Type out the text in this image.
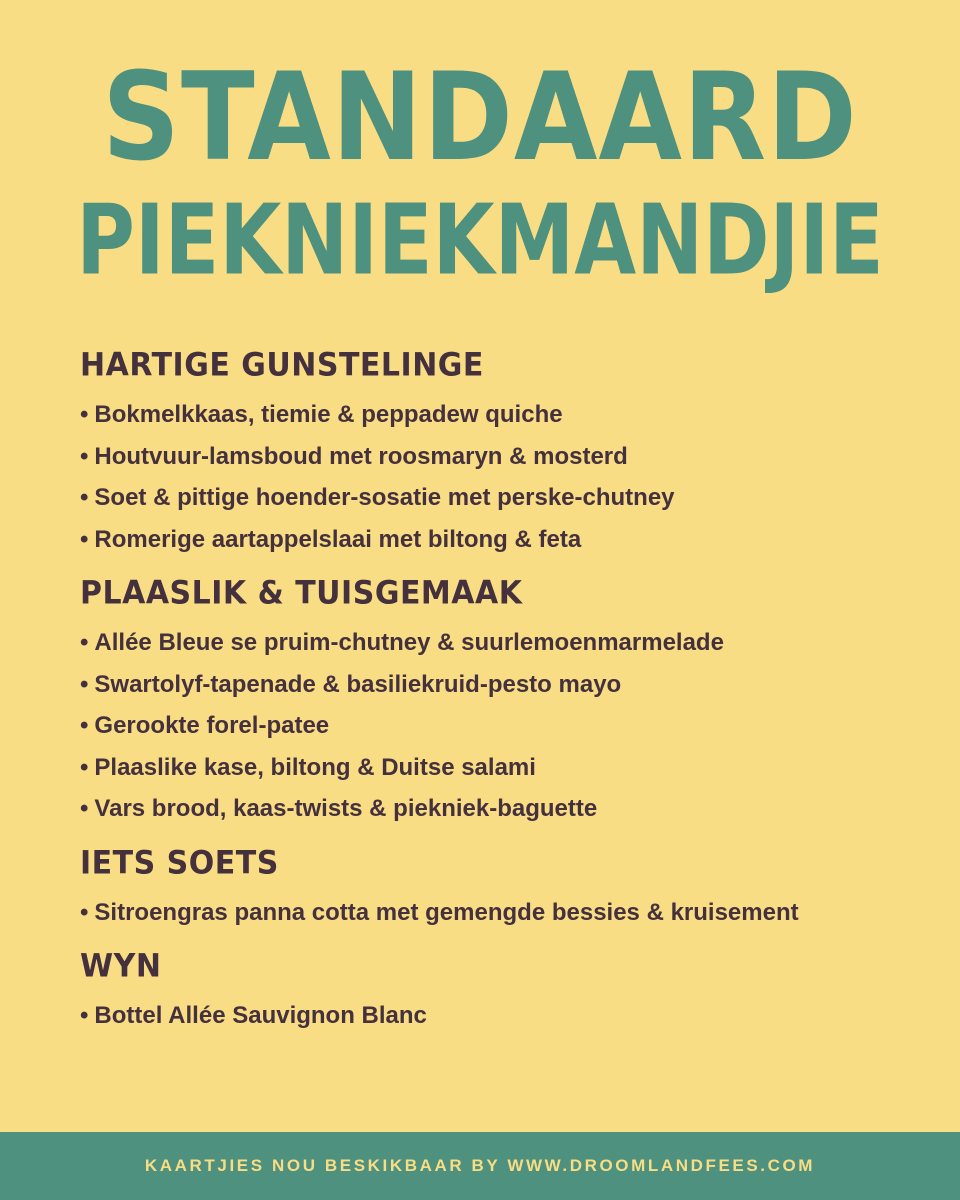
STANDAARD
PIEKNIEKMANDJIE
HARTIGE GUNSTELINGE
• Bokmelkkaas, tiemie & peppadew quiche
• Houtvuur-lamsboud met roosmaryn & mosterd
• Soet & pittige hoender-sosatie met perske-chutney
• Romerige aartappelslaai met biltong & feta
PLAASLIK & TUISGEMAAK
• Allée Bleue se pruim-chutney & suurlemoenmarmelade
• Swartolyf-tapenade & basiliekruid-pesto mayo
• Gerookte forel-patee
• Plaaslike kase, biltong & Duitse salami
• Vars brood, kaas-twists & piekniek-baguette
IETS SOETS
• Sitroengras panna cotta met gemengde bessies & kruisement
WYN
• Bottel Allée Sauvignon Blanc
KAARTJIES NOU BESKIKBAAR BY WWW.DROOMLANDFEES.COM
